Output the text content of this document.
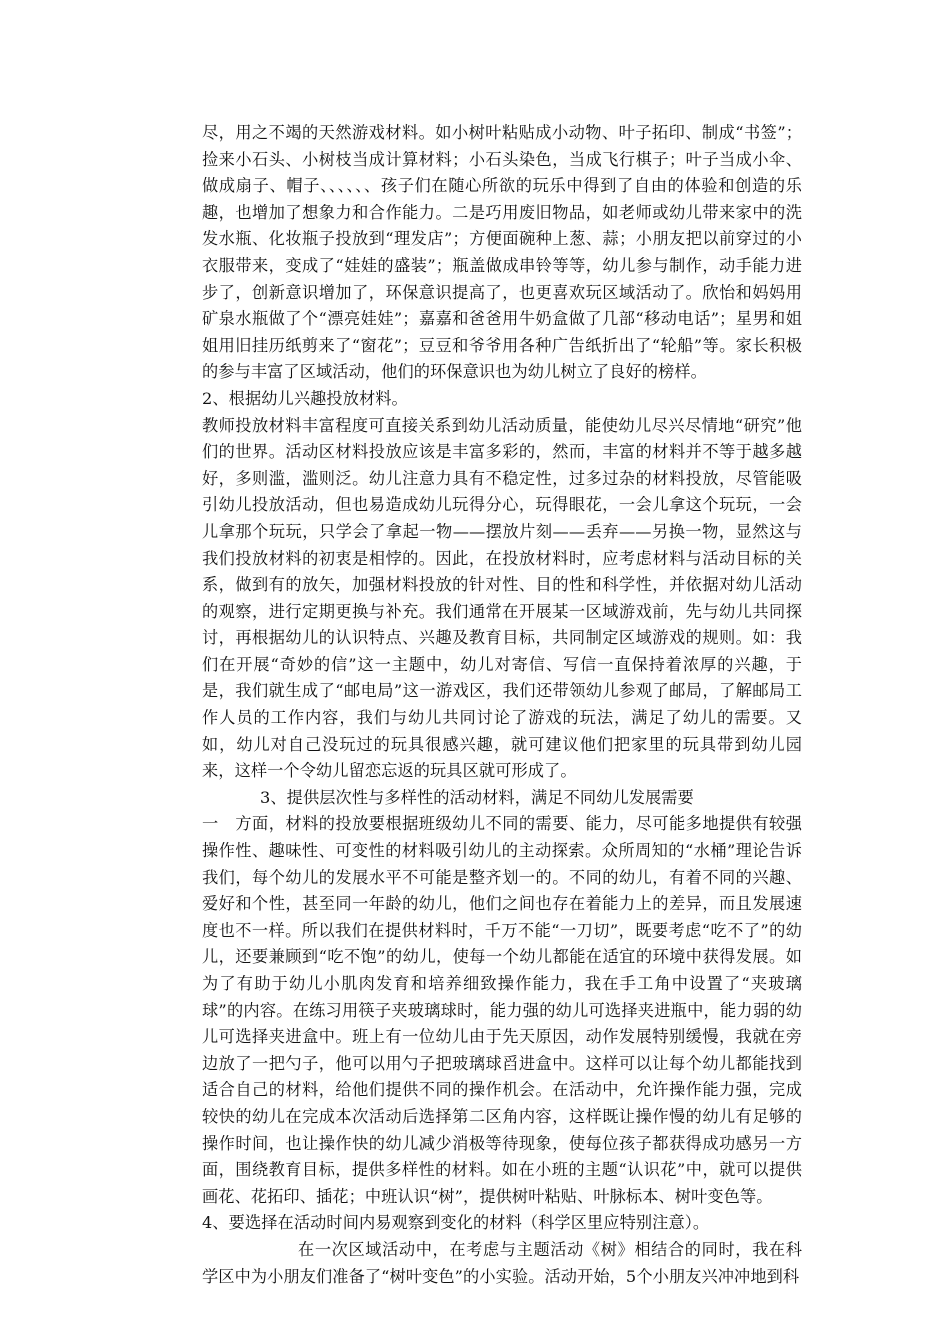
尽，用之不竭的天然游戏材料。如小树叶粘贴成小动物、叶子拓印、制成“书签”；捡来小石头、小树枝当成计算材料；小石头染色，当成飞行棋子；叶子当成小伞、做成扇子、帽子、、、、、、孩子们在随心所欲的玩乐中得到了自由的体验和创造的乐趣，也增加了想象力和合作能力。二是巧用废旧物品，如老师或幼儿带来家中的洗发水瓶、化妆瓶子投放到“理发店”；方便面碗种上葱、蒜；小朋友把以前穿过的小衣服带来，变成了“娃娃的盛装”；瓶盖做成串铃等等，幼儿参与制作，动手能力进步了，创新意识增加了，环保意识提高了，也更喜欢玩区域活动了。欣怡和妈妈用矿泉水瓶做了个“漂亮娃娃”；嘉嘉和爸爸用牛奶盒做了几部“移动电话”；星男和姐姐用旧挂历纸剪来了“窗花”；豆豆和爷爷用各种广告纸折出了“轮船”等。家长积极的参与丰富了区域活动，他们的环保意识也为幼儿树立了良好的榜样。

2、根据幼儿兴趣投放材料。

教师投放材料丰富程度可直接关系到幼儿活动质量，能使幼儿尽兴尽情地“研究”他们的世界。活动区材料投放应该是丰富多彩的，然而，丰富的材料并不等于越多越好，多则滥，滥则泛。幼儿注意力具有不稳定性，过多过杂的材料投放，尽管能吸引幼儿投放活动，但也易造成幼儿玩得分心，玩得眼花，一会儿拿这个玩玩，一会儿拿那个玩玩，只学会了拿起一物——摆放片刻——丢弃——另换一物，显然这与我们投放材料的初衷是相悖的。因此，在投放材料时，应考虑材料与活动目标的关系，做到有的放矢，加强材料投放的针对性、目的性和科学性，并依据对幼儿活动的观察，进行定期更换与补充。我们通常在开展某一区域游戏前，先与幼儿共同探讨，再根据幼儿的认识特点、兴趣及教育目标，共同制定区域游戏的规则。如：我们在开展“奇妙的信”这一主题中，幼儿对寄信、写信一直保持着浓厚的兴趣，于是，我们就生成了“邮电局”这一游戏区，我们还带领幼儿参观了邮局，了解邮局工作人员的工作内容，我们与幼儿共同讨论了游戏的玩法，满足了幼儿的需要。又如，幼儿对自己没玩过的玩具很感兴趣，就可建议他们把家里的玩具带到幼儿园来，这样一个令幼儿留恋忘返的玩具区就可形成了。

3、提供层次性与多样性的活动材料，满足不同幼儿发展需要

一　方面，材料的投放要根据班级幼儿不同的需要、能力，尽可能多地提供有较强操作性、趣味性、可变性的材料吸引幼儿的主动探索。众所周知的“水桶”理论告诉我们，每个幼儿的发展水平不可能是整齐划一的。不同的幼儿，有着不同的兴趣、爱好和个性，甚至同一年龄的幼儿，他们之间也存在着能力上的差异，而且发展速度也不一样。所以我们在提供材料时，千万不能“一刀切”，既要考虑“吃不了”的幼儿，还要兼顾到“吃不饱”的幼儿，使每一个幼儿都能在适宜的环境中获得发展。如为了有助于幼儿小肌肉发育和培养细致操作能力，我在手工角中设置了“夹玻璃球”的内容。在练习用筷子夹玻璃球时，能力强的幼儿可选择夹进瓶中，能力弱的幼儿可选择夹进盒中。班上有一位幼儿由于先天原因，动作发展特别缓慢，我就在旁边放了一把勺子，他可以用勺子把玻璃球舀进盒中。这样可以让每个幼儿都能找到适合自己的材料，给他们提供不同的操作机会。在活动中，允许操作能力强，完成较快的幼儿在完成本次活动后选择第二区角内容，这样既让操作慢的幼儿有足够的操作时间，也让操作快的幼儿减少消极等待现象，使每位孩子都获得成功感另一方面，围绕教育目标，提供多样性的材料。如在小班的主题“认识花”中，就可以提供画花、花拓印、插花；中班认识“树”，提供树叶粘贴、叶脉标本、树叶变色等。

4、要选择在活动时间内易观察到变化的材料（科学区里应特别注意）。

在一次区域活动中，在考虑与主题活动《树》相结合的同时，我在科学区中为小朋友们准备了“树叶变色”的小实验。活动开始，5个小朋友兴冲冲地到科
